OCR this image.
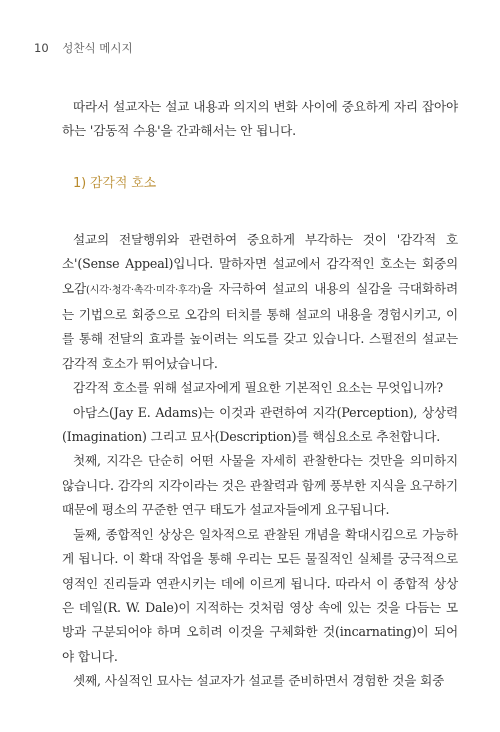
10 성찬식 메시지

따라서 설교자는 설교 내용과 의지의 변화 사이에 중요하게 자리 잡아야 하는 '감동적 수용'을 간과해서는 안 됩니다.

1) 감각적 호소

설교의 전달행위와 관련하여 중요하게 부각하는 것이 '감각적 호소'(Sense Appeal)입니다. 말하자면 설교에서 감각적인 호소는 회중의 오감(시각·청각·촉각·미각·후각)을 자극하여 설교의 내용의 실감을 극대화하려는 기법으로 회중으로 오감의 터치를 통해 설교의 내용을 경험시키고, 이를 통해 전달의 효과를 높이려는 의도를 갖고 있습니다. 스펄전의 설교는 감각적 호소가 뛰어났습니다.

감각적 호소를 위해 설교자에게 필요한 기본적인 요소는 무엇입니까?

아담스(Jay E. Adams)는 이것과 관련하여 지각(Perception), 상상력(Imagination) 그리고 묘사(Description)를 핵심요소로 추천합니다.

첫째, 지각은 단순히 어떤 사물을 자세히 관찰한다는 것만을 의미하지 않습니다. 감각의 지각이라는 것은 관찰력과 함께 풍부한 지식을 요구하기 때문에 평소의 꾸준한 연구 태도가 설교자들에게 요구됩니다.

둘째, 종합적인 상상은 일차적으로 관찰된 개념을 확대시킴으로 가능하게 됩니다. 이 확대 작업을 통해 우리는 모든 물질적인 실체를 궁극적으로 영적인 진리들과 연관시키는 데에 이르게 됩니다. 따라서 이 종합적 상상은 데일(R. W. Dale)이 지적하는 것처럼 영상 속에 있는 것을 다듬는 모방과 구분되어야 하며 오히려 이것을 구체화한 것(incarnating)이 되어야 합니다.

셋째, 사실적인 묘사는 설교자가 설교를 준비하면서 경험한 것을 회중
